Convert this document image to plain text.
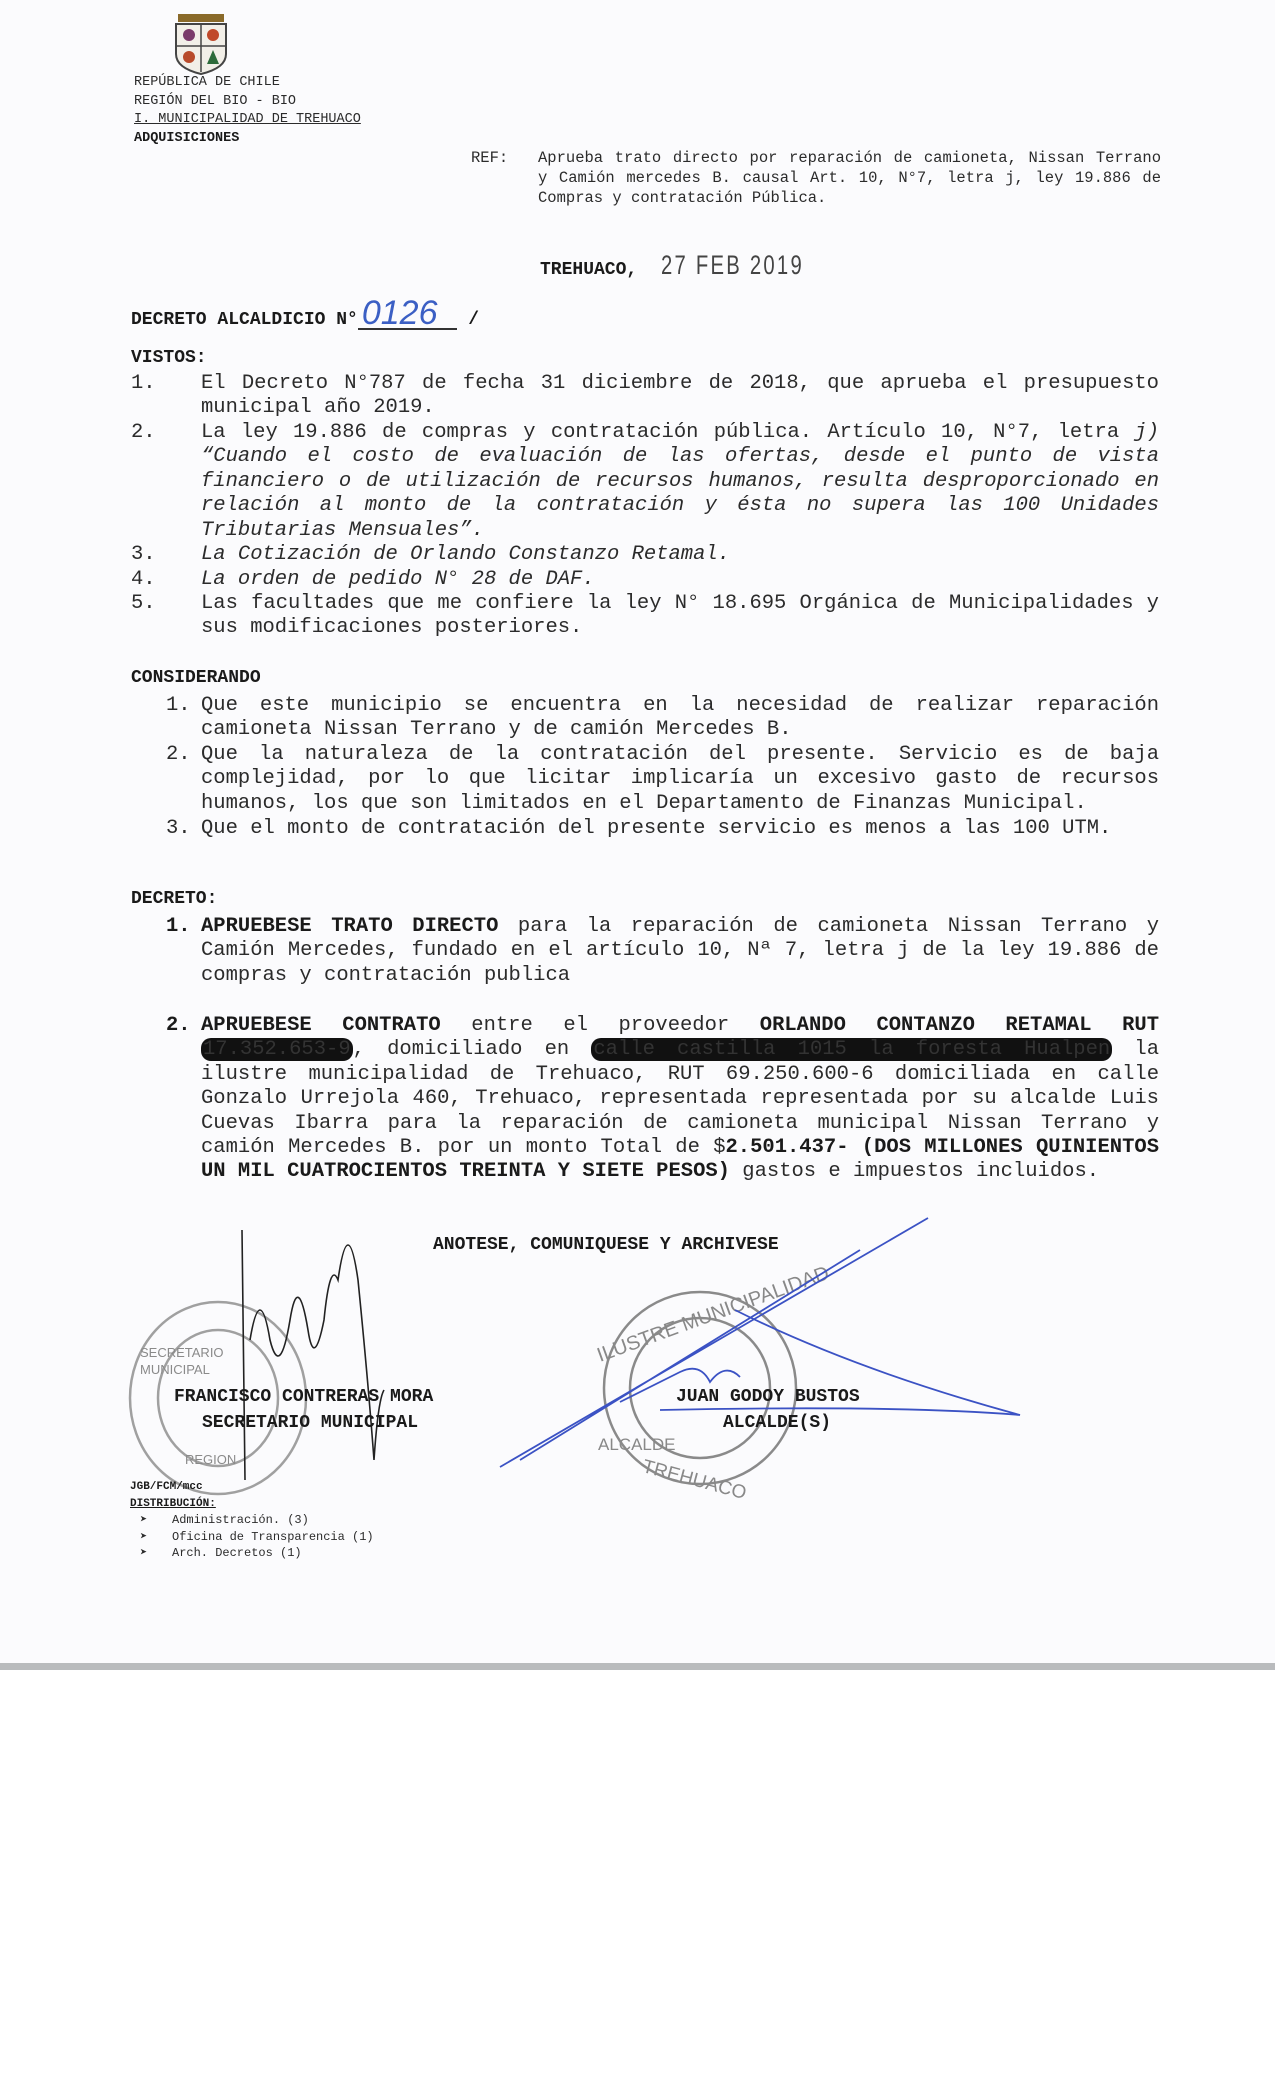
SECRETARIO
MUNICIPAL
REGION
ALCALDE
TREHUACO
ILUSTRE MUNICIPALIDAD
REPÚBLICA DE CHILE
REGIÓN DEL BIO - BIO
I. MUNICIPALIDAD DE TREHUACO
ADQUISICIONES
REF: Aprueba trato directo por reparación de camioneta, Nissan Terrano y Camión mercedes B. causal Art. 10, N°7, letra j, ley 19.886 de Compras y contratación Pública.
TREHUACO, 27 FEB 2019
DECRETO ALCALDICIO N° 0126 /
VISTOS:
1. El Decreto N°787 de fecha 31 diciembre de 2018, que aprueba el presupuesto municipal año 2019.
2. La ley 19.886 de compras y contratación pública. Artículo 10, N°7, letra j) “Cuando el costo de evaluación de las ofertas, desde el punto de vista financiero o de utilización de recursos humanos, resulta desproporcionado en relación al monto de la contratación y ésta no supera las 100 Unidades Tributarias Mensuales”.
3. La Cotización de Orlando Constanzo Retamal.
4. La orden de pedido N° 28 de DAF.
5. Las facultades que me confiere la ley N° 18.695 Orgánica de Municipalidades y sus modificaciones posteriores.
CONSIDERANDO
1. Que este municipio se encuentra en la necesidad de realizar reparación camioneta Nissan Terrano y de camión Mercedes B.
2. Que la naturaleza de la contratación del presente. Servicio es de baja complejidad, por lo que licitar implicaría un excesivo gasto de recursos humanos, los que son limitados en el Departamento de Finanzas Municipal.
3. Que el monto de contratación del presente servicio es menos a las 100 UTM.
DECRETO:
1. APRUEBESE TRATO DIRECTO para la reparación de camioneta Nissan Terrano y Camión Mercedes, fundado en el artículo 10, Nª 7, letra j de la ley 19.886 de compras y contratación publica
2. APRUEBESE CONTRATO entre el proveedor ORLANDO CONTANZO RETAMAL RUT 17.352.653-9, domiciliado en calle castilla 1015 la foresta Hualpen la ilustre municipalidad de Trehuaco, RUT 69.250.600-6 domiciliada en calle Gonzalo Urrejola 460, Trehuaco, representada representada por su alcalde Luis Cuevas Ibarra para la reparación de camioneta municipal Nissan Terrano y camión Mercedes B. por un monto Total de $2.501.437- (DOS MILLONES QUINIENTOS UN MIL CUATROCIENTOS TREINTA Y SIETE PESOS) gastos e impuestos incluidos.
ANOTESE, COMUNIQUESE Y ARCHIVESE
FRANCISCO CONTRERAS MORA
SECRETARIO MUNICIPAL
JUAN GODOY BUSTOS
ALCALDE(S)
JGB/FCM/mcc
DISTRIBUCIÓN:
➤ Administración. (3)
➤ Oficina de Transparencia (1)
➤ Arch. Decretos (1)
